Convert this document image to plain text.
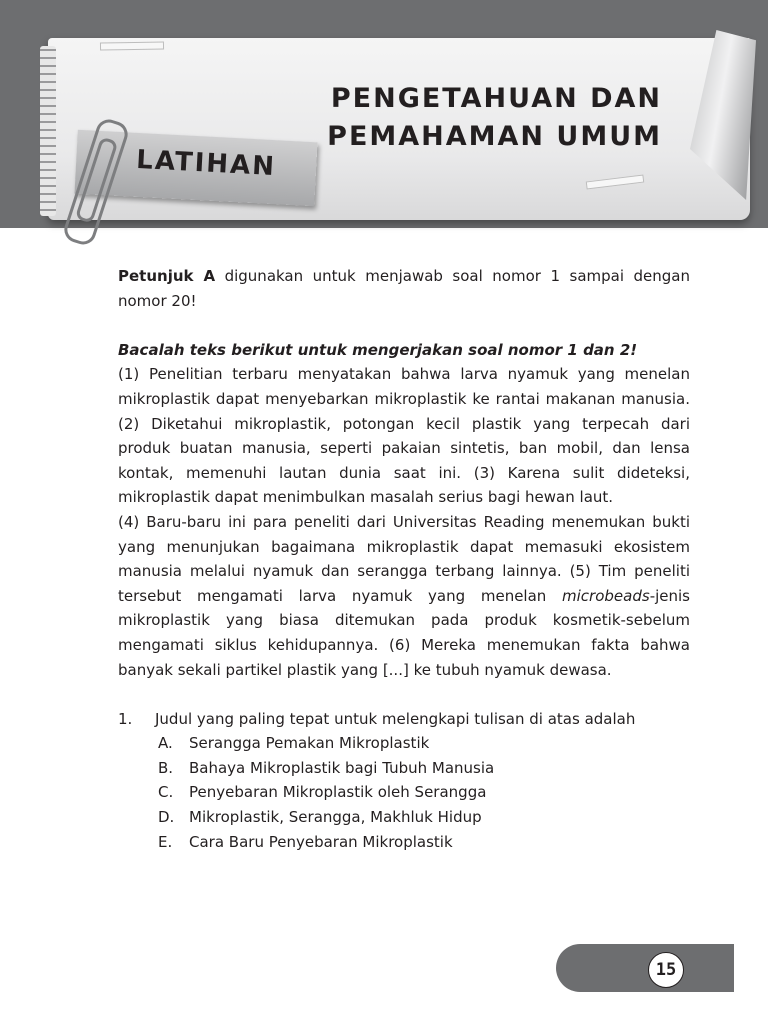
PENGETAHUAN DAN
PEMAHAMAN UMUM

LATIHAN

Petunjuk A digunakan untuk menjawab soal nomor 1 sampai dengan nomor 20!

Bacalah teks berikut untuk mengerjakan soal nomor 1 dan 2!

(1) Penelitian terbaru menyatakan bahwa larva nyamuk yang menelan mikroplastik dapat menyebarkan mikroplastik ke rantai makanan manusia. (2) Diketahui mikroplastik, potongan kecil plastik yang terpecah dari produk buatan manusia, seperti pakaian sintetis, ban mobil, dan lensa kontak, memenuhi lautan dunia saat ini. (3) Karena sulit dideteksi, mikroplastik dapat menimbulkan masalah serius bagi hewan laut.

(4) Baru-baru ini para peneliti dari Universitas Reading menemukan bukti yang menunjukan bagaimana mikroplastik dapat memasuki ekosistem manusia melalui nyamuk dan serangga terbang lainnya. (5) Tim peneliti tersebut mengamati larva nyamuk yang menelan microbeads-jenis mikroplastik yang biasa ditemukan pada produk kosmetik-sebelum mengamati siklus kehidupannya. (6) Mereka menemukan fakta bahwa banyak sekali partikel plastik yang [...] ke tubuh nyamuk dewasa.

1.	Judul yang paling tepat untuk melengkapi tulisan di atas adalah
A.	Serangga Pemakan Mikroplastik
B.	Bahaya Mikroplastik bagi Tubuh Manusia
C.	Penyebaran Mikroplastik oleh Serangga
D. Mikroplastik, Serangga, Makhluk Hidup
E.	Cara Baru Penyebaran Mikroplastik
15
